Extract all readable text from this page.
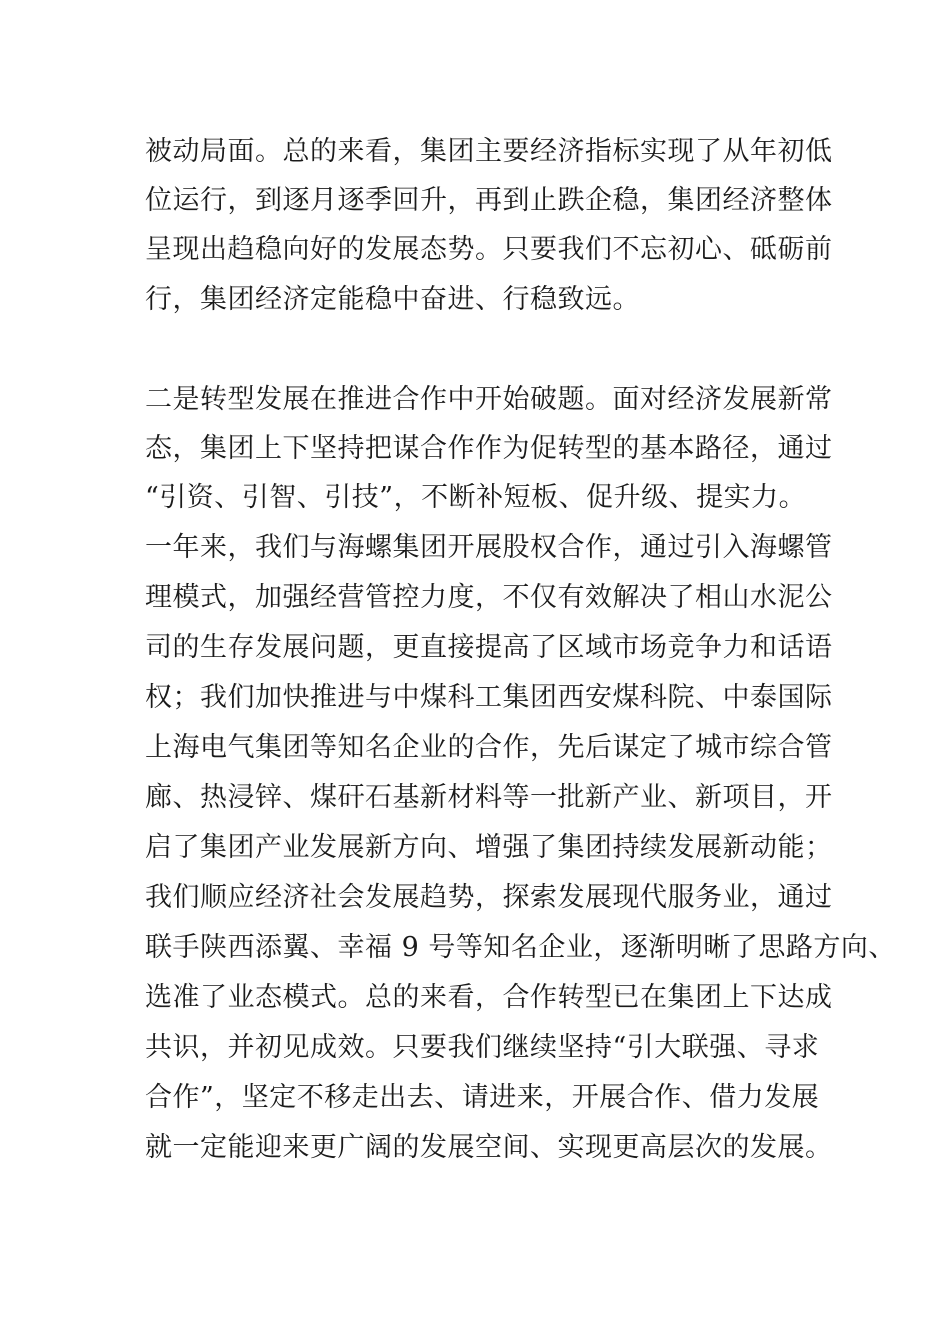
被动局面。总的来看，集团主要经济指标实现了从年初低

位运行，到逐月逐季回升，再到止跌企稳，集团经济整体

呈现出趋稳向好的发展态势。只要我们不忘初心、砥砺前

行，集团经济定能稳中奋进、行稳致远。

二是转型发展在推进合作中开始破题。面对经济发展新常

态，集团上下坚持把谋合作作为促转型的基本路径，通过

“引资、引智、引技”，不断补短板、促升级、提实力。

一年来，我们与海螺集团开展股权合作，通过引入海螺管

理模式，加强经营管控力度，不仅有效解决了相山水泥公

司的生存发展问题，更直接提高了区域市场竞争力和话语

权；我们加快推进与中煤科工集团西安煤科院、中泰国际

上海电气集团等知名企业的合作，先后谋定了城市综合管

廊、热浸锌、煤矸石基新材料等一批新产业、新项目，开

启了集团产业发展新方向、增强了集团持续发展新动能；

我们顺应经济社会发展趋势，探索发展现代服务业，通过

联手陕西添翼、幸福 9 号等知名企业，逐渐明晰了思路方向、

选准了业态模式。总的来看，合作转型已在集团上下达成

共识，并初见成效。只要我们继续坚持“引大联强、寻求

合作”，坚定不移走出去、请进来，开展合作、借力发展

就一定能迎来更广阔的发展空间、实现更高层次的发展。
